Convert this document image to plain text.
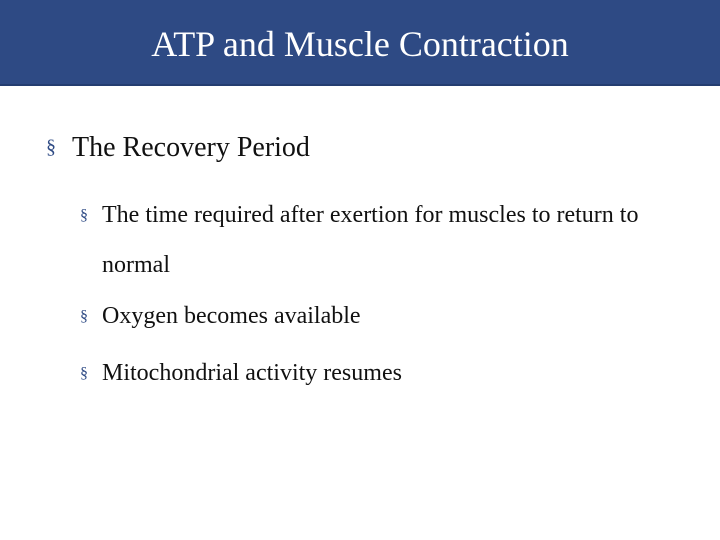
ATP and Muscle Contraction
§ The Recovery Period
§ The time required after exertion for muscles to return to normal
§ Oxygen becomes available
§ Mitochondrial activity resumes
